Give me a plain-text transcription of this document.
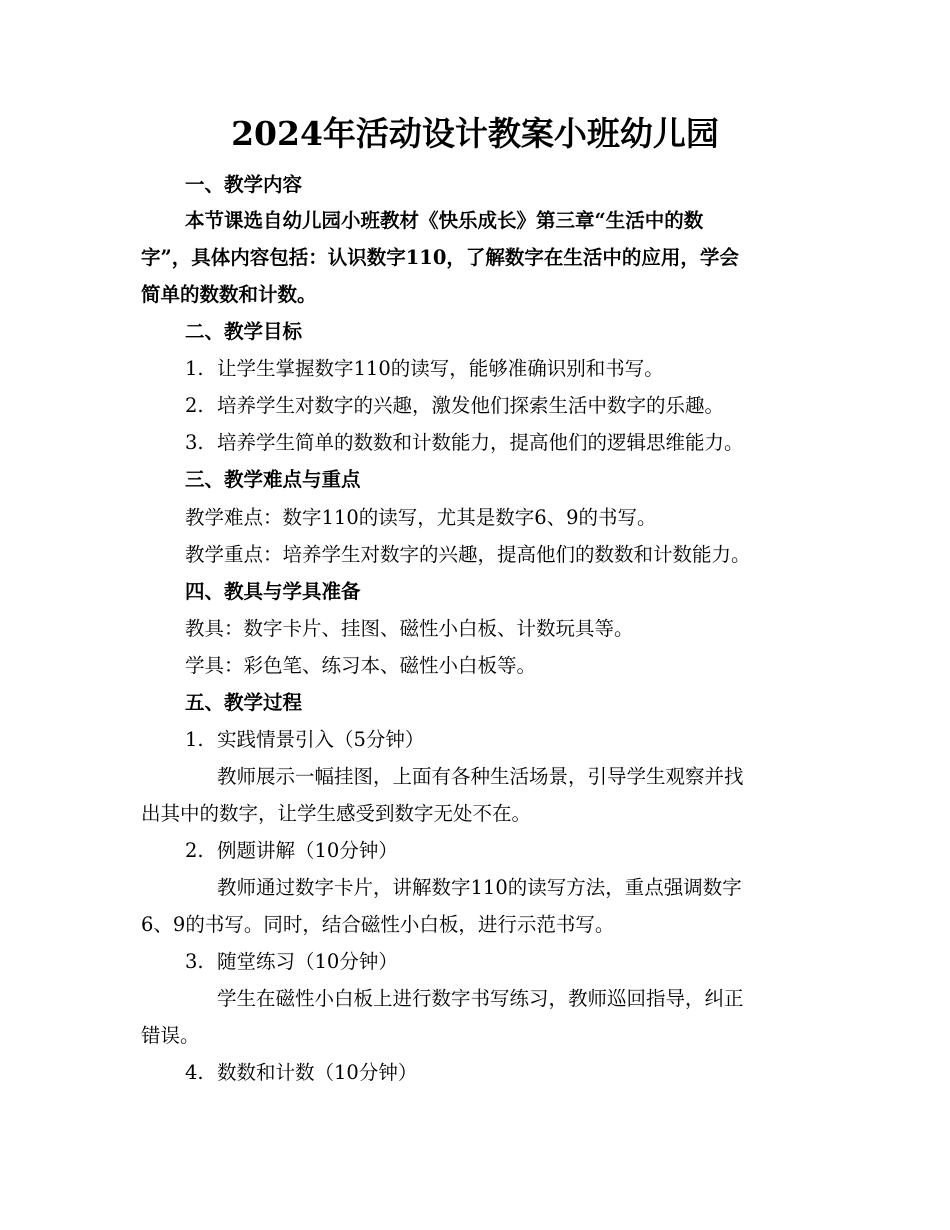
2024年活动设计教案小班幼儿园
一、教学内容
本节课选自幼儿园小班教材《快乐成长》第三章“生活中的数
字”，具体内容包括：认识数字110，了解数字在生活中的应用，学会
简单的数数和计数。
二、教学目标
1. 让学生掌握数字110的读写，能够准确识别和书写。
2. 培养学生对数字的兴趣，激发他们探索生活中数字的乐趣。
3. 培养学生简单的数数和计数能力，提高他们的逻辑思维能力。
三、教学难点与重点
教学难点：数字110的读写，尤其是数字6、9的书写。
教学重点：培养学生对数字的兴趣，提高他们的数数和计数能力。
四、教具与学具准备
教具：数字卡片、挂图、磁性小白板、计数玩具等。
学具：彩色笔、练习本、磁性小白板等。
五、教学过程
1. 实践情景引入（5分钟）
教师展示一幅挂图，上面有各种生活场景，引导学生观察并找
出其中的数字，让学生感受到数字无处不在。
2. 例题讲解（10分钟）
教师通过数字卡片，讲解数字110的读写方法，重点强调数字
6、9的书写。同时，结合磁性小白板，进行示范书写。
3. 随堂练习（10分钟）
学生在磁性小白板上进行数字书写练习，教师巡回指导，纠正
错误。
4. 数数和计数（10分钟）
